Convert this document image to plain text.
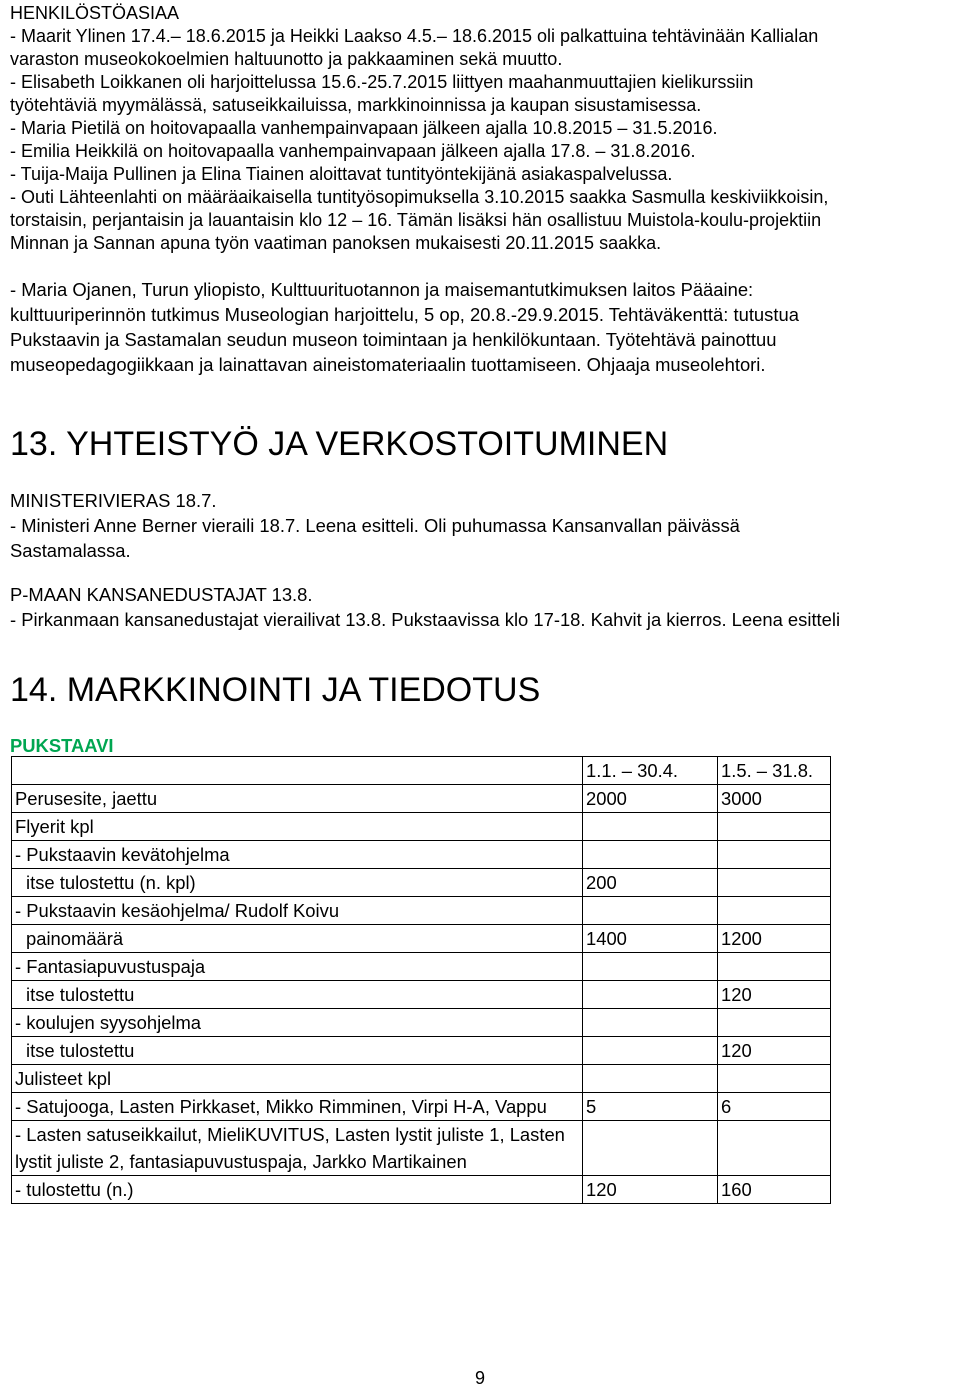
HENKILÖSTÖASIAA
- Maarit Ylinen 17.4.– 18.6.2015 ja Heikki Laakso 4.5.– 18.6.2015 oli palkattuina tehtävinään Kallialan
varaston museokokoelmien haltuunotto ja pakkaaminen sekä muutto.
- Elisabeth Loikkanen oli harjoittelussa 15.6.-25.7.2015 liittyen maahanmuuttajien kielikurssiin
työtehtäviä myymälässä, satuseikkailuissa, markkinoinnissa ja kaupan sisustamisessa.
- Maria Pietilä on hoitovapaalla vanhempainvapaan jälkeen ajalla 10.8.2015 – 31.5.2016.
- Emilia Heikkilä on hoitovapaalla vanhempainvapaan jälkeen ajalla 17.8. – 31.8.2016.
- Tuija-Maija Pullinen ja Elina Tiainen aloittavat tuntityöntekijänä asiakaspalvelussa.
- Outi Lähteenlahti on määräaikaisella tuntityösopimuksella 3.10.2015 saakka Sasmulla keskiviikkoisin,
torstaisin, perjantaisin ja lauantaisin klo 12 – 16. Tämän lisäksi hän osallistuu Muistola-koulu-projektiin
Minnan ja Sannan apuna työn vaatiman panoksen mukaisesti 20.11.2015 saakka.
- Maria Ojanen, Turun yliopisto, Kulttuurituotannon ja maisemantutkimuksen laitos Pääaine:
kulttuuriperinnön tutkimus Museologian harjoittelu, 5 op, 20.8.-29.9.2015. Tehtäväkenttä: tutustua
Pukstaavin ja Sastamalan seudun museon toimintaan ja henkilökuntaan. Työtehtävä painottuu
museopedagogiikkaan ja lainattavan aineistomateriaalin tuottamiseen. Ohjaaja museolehtori.
13. YHTEISTYÖ JA VERKOSTOITUMINEN
MINISTERIVIERAS 18.7.
- Ministeri Anne Berner vieraili 18.7. Leena esitteli. Oli puhumassa Kansanvallan päivässä
Sastamalassa.
P-MAAN KANSANEDUSTAJAT 13.8.
- Pirkanmaan kansanedustajat vierailivat 13.8. Pukstaavissa klo 17-18. Kahvit ja kierros. Leena esitteli
14. MARKKINOINTI JA TIEDOTUS
PUKSTAAVI
	1.1. – 30.4.	1.5. – 31.8.
Perusesite, jaettu	2000	3000
Flyerit kpl		
- Pukstaavin kevätohjelma		
itse tulostettu (n. kpl)	200	
- Pukstaavin kesäohjelma/ Rudolf Koivu		
painomäärä	1400	1200
- Fantasiapuvustuspaja		
itse tulostettu		120
- koulujen syysohjelma		
itse tulostettu		120
Julisteet kpl		
- Satujooga, Lasten Pirkkaset, Mikko Rimminen, Virpi H-A, Vappu	5	6
- Lasten satuseikkailut, MieliKUVITUS, Lasten lystit juliste 1, Lasten lystit juliste 2, fantasiapuvustuspaja, Jarkko Martikainen		
- tulostettu (n.)	120	160
9
